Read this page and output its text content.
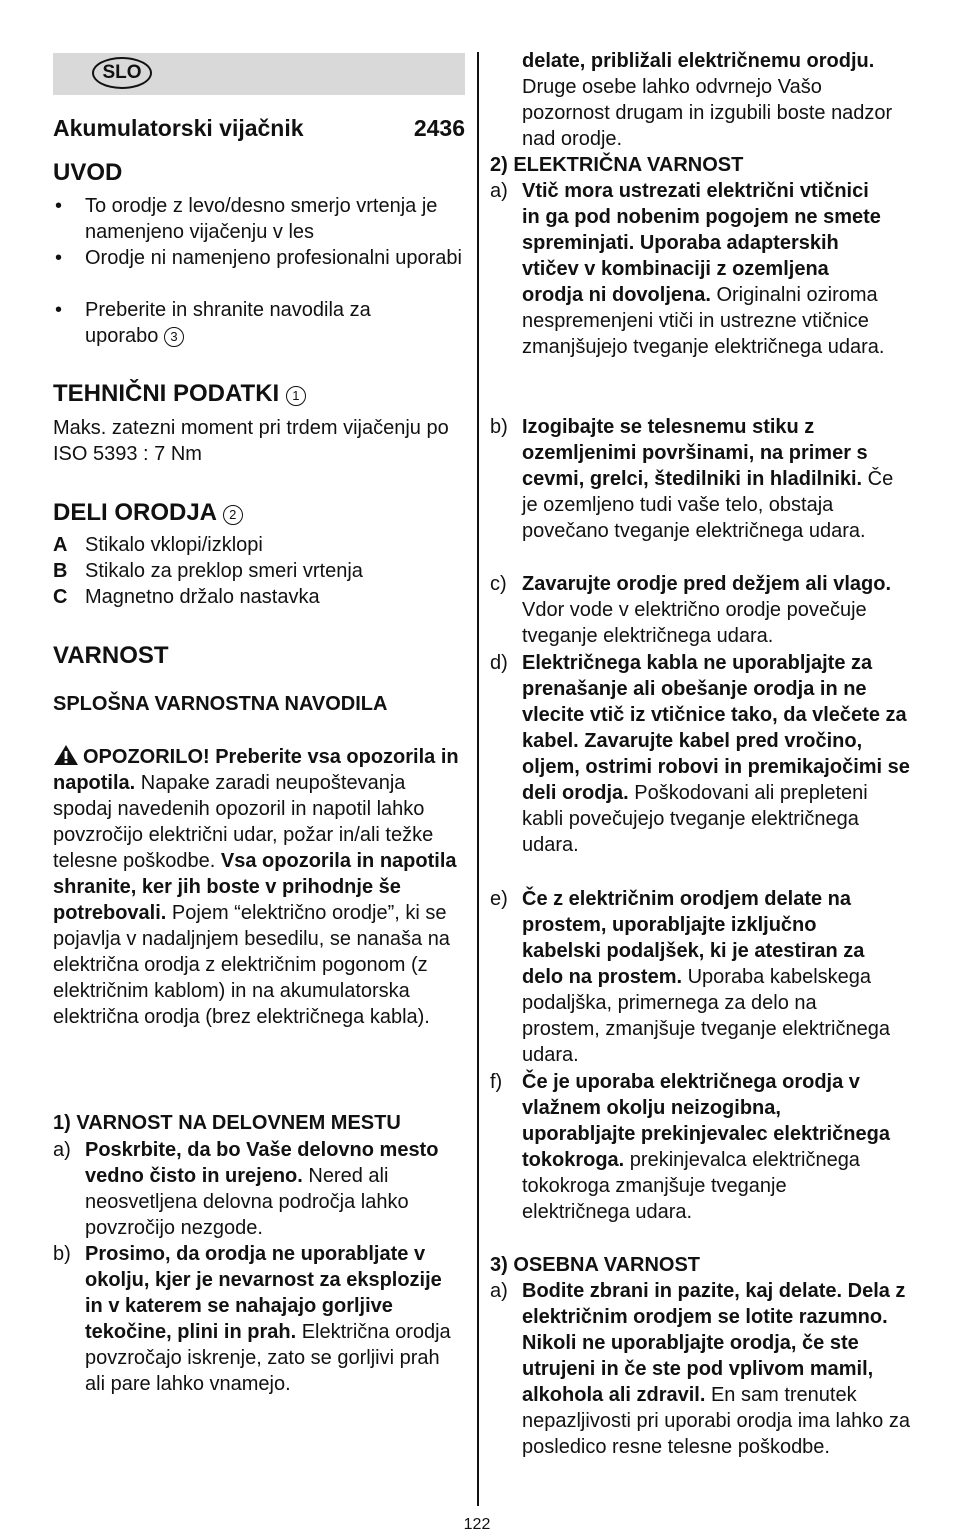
SLO
Akumulatorski vijačnik	2436
UVOD
• To orodje z levo/desno smerjo vrtenja je namenjeno vijačenju v les
• Orodje ni namenjeno profesionalni uporabi
• Preberite in shranite navodila za uporabo 3
TEHNIČNI PODATKI 1
Maks. zatezni moment pri trdem vijačenju po ISO 5393 : 7 Nm
DELI ORODJA 2
A Stikalo vklopi/izklopi
B Stikalo za preklop smeri vrtenja
C Magnetno držalo nastavka
VARNOST
SPLOŠNA VARNOSTNA NAVODILA
OPOZORILO! Preberite vsa opozorila in napotila. Napake zaradi neupoštevanja spodaj navedenih opozoril in napotil lahko povzročijo električni udar, požar in/ali težke telesne poškodbe. Vsa opozorila in napotila shranite, ker jih boste v prihodnje še potrebovali. Pojem “električno orodje”, ki se pojavlja v nadaljnjem besedilu, se nanaša na električna orodja z električnim pogonom (z električnim kablom) in na akumulatorska električna orodja (brez električnega kabla).
1) VARNOST NA DELOVNEM MESTU
a) Poskrbite, da bo Vaše delovno mesto vedno čisto in urejeno. Nered ali neosvetljena delovna področja lahko povzročijo nezgode.
b) Prosimo, da orodja ne uporabljate v okolju, kjer je nevarnost za eksplozije in v katerem se nahajajo gorljive tekočine, plini in prah. Električna orodja povzročajo iskrenje, zato se gorljivi prah ali pare lahko vnamejo.
delate, približali električnemu orodju. Druge osebe lahko odvrnejo Vašo pozornost drugam in izgubili boste nadzor nad orodje.
2) ELEKTRIČNA VARNOST
a) Vtič mora ustrezati električni vtičnici in ga pod nobenim pogojem ne smete spreminjati. Uporaba adapterskih vtičev v kombinaciji z ozemljena orodja ni dovoljena. Originalni oziroma nespremenjeni vtiči in ustrezne vtičnice zmanjšujejo tveganje električnega udara.
b) Izogibajte se telesnemu stiku z ozemljenimi površinami, na primer s cevmi, grelci, štedilniki in hladilniki. Če je ozemljeno tudi vaše telo, obstaja povečano tveganje električnega udara.
c) Zavarujte orodje pred dežjem ali vlago. Vdor vode v električno orodje povečuje tveganje električnega udara.
d) Električnega kabla ne uporabljajte za prenašanje ali obešanje orodja in ne vlecite vtič iz vtičnice tako, da vlečete za kabel. Zavarujte kabel pred vročino, oljem, ostrimi robovi in premikajočimi se deli orodja. Poškodovani ali prepleteni kabli povečujejo tveganje električnega udara.
e) Če z električnim orodjem delate na prostem, uporabljajte izključno kabelski podaljšek, ki je atestiran za delo na prostem. Uporaba kabelskega podaljška, primernega za delo na prostem, zmanjšuje tveganje električnega udara.
f) Če je uporaba električnega orodja v vlažnem okolju neizogibna, uporabljajte prekinjevalec električnega tokokroga. prekinjevalca električnega tokokroga zmanjšuje tveganje električnega udara.
3) OSEBNA VARNOST
a) Bodite zbrani in pazite, kaj delate. Dela z električnim orodjem se lotite razumno. Nikoli ne uporabljajte orodja, če ste utrujeni in če ste pod vplivom mamil, alkohola ali zdravil. En sam trenutek nepazljivosti pri uporabi orodja ima lahko za posledico resne telesne poškodbe.
122
